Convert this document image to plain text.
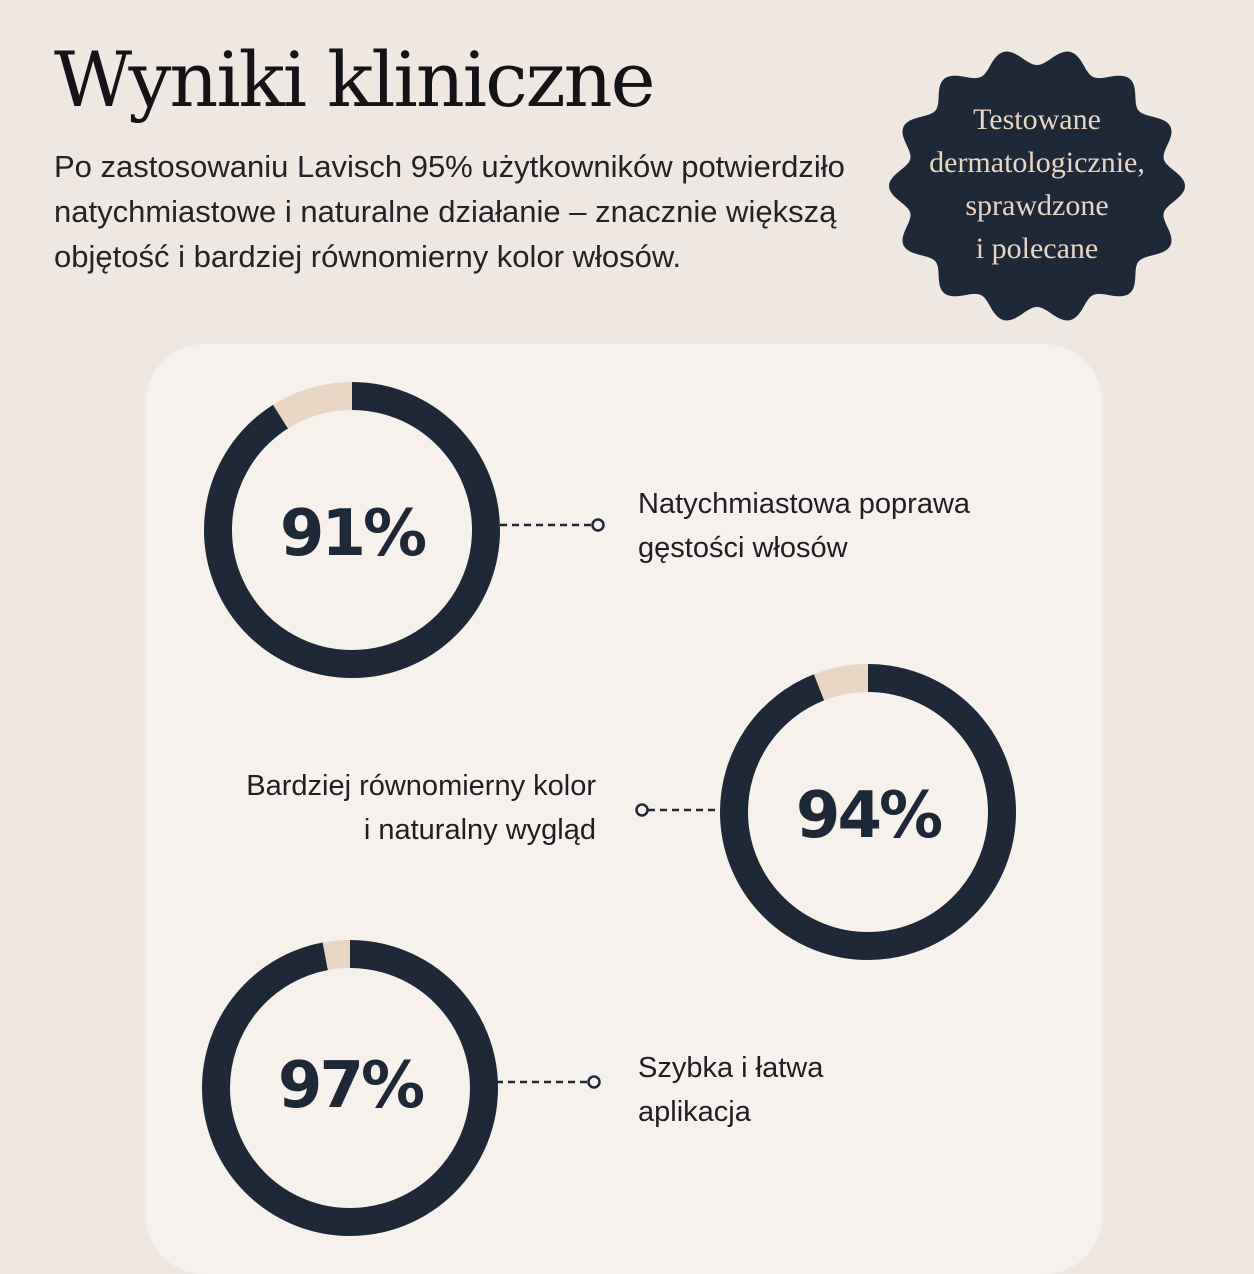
Wyniki kliniczne

Po zastosowaniu Lavisch 95% użytkowników potwierdziło natychmiastowe i naturalne działanie – znacznie większą objętość i bardziej równomierny kolor włosów.

Testowane
dermatologicznie,
sprawdzone
i polecane
91%	Natychmiastowa poprawa
gęstości włosów
94%
Bardziej równomierny kolor
i naturalny wygląd
97%	Szybka i łatwa
aplikacja
